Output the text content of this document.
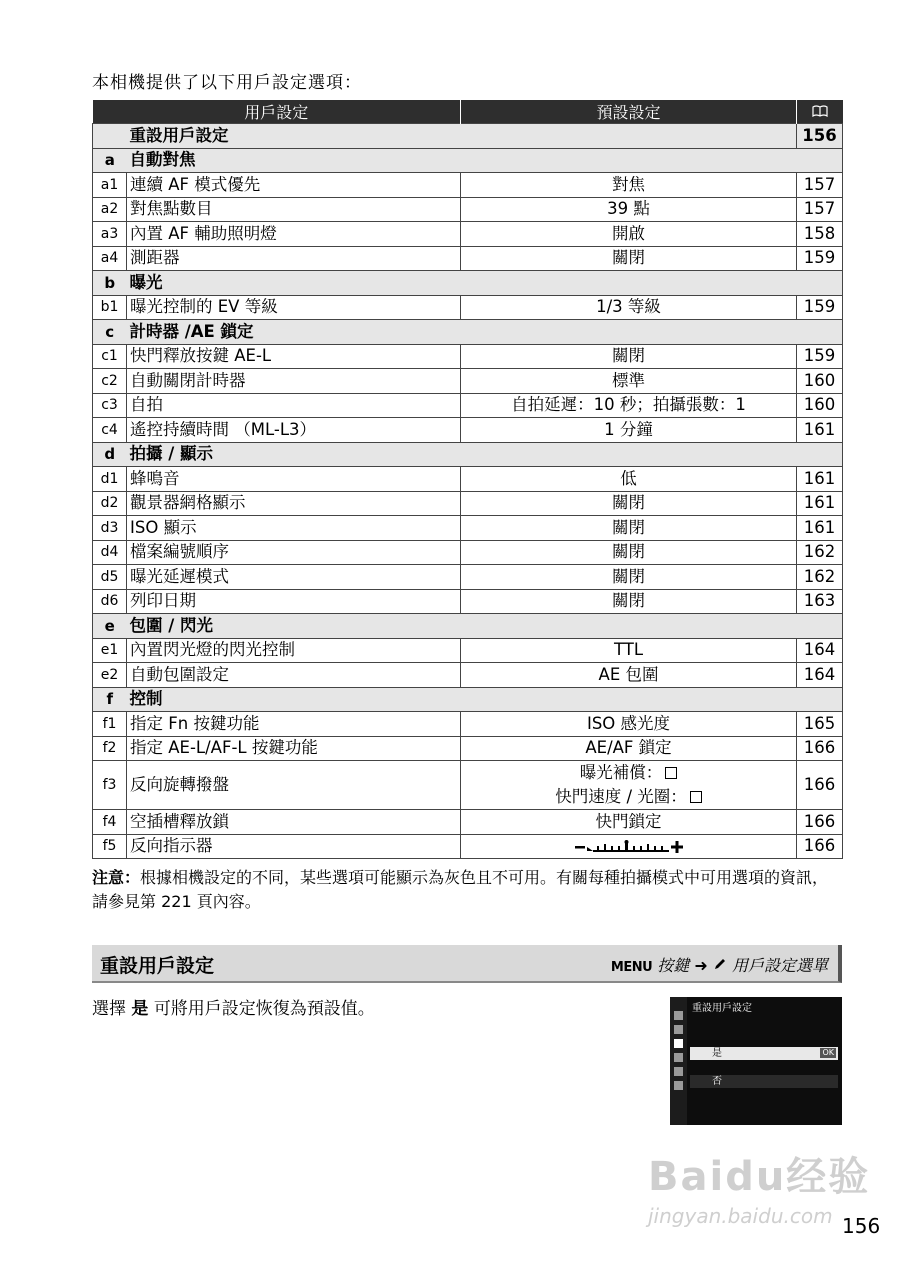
本相機提供了以下用戶設定選項：
用戶設定		預設設定	
	重設用戶設定		156
a	自動對焦		
a1	連續 AF 模式優先	對焦	157
a2	對焦點數目	39 點	157
a3	內置 AF 輔助照明燈	開啟	158
a4	測距器	關閉	159
b	曝光		
b1	曝光控制的 EV 等級	1/3 等級	159
c	計時器 /AE 鎖定		
c1	快門釋放按鍵 AE-L	關閉	159
c2	自動關閉計時器	標準	160
c3	自拍	自拍延遲：10 秒；拍攝張數：1	160
c4	遙控持續時間 （ML-L3）	1 分鐘	161
d	拍攝 / 顯示		
d1	蜂鳴音	低	161
d2	觀景器網格顯示	關閉	161
d3	ISO 顯示	關閉	161
d4	檔案編號順序	關閉	162
d5	曝光延遲模式	關閉	162
d6	列印日期	關閉	163
e	包圍 / 閃光		
e1	內置閃光燈的閃光控制	TTL	164
e2	自動包圍設定	AE 包圍	164
f	控制		
f1	指定 Fn 按鍵功能	ISO 感光度	165
f2	指定 AE-L/AF-L 按鍵功能	AE/AF 鎖定	166
f3	反向旋轉撥盤	曝光補償：
快門速度 / 光圈：	166
f4	空插槽釋放鎖	快門鎖定	166
f5	反向指示器		166
注意：根據相機設定的不同，某些選項可能顯示為灰色且不可用。有關每種拍攝模式中可用選項的資訊，請參見第 221 頁內容。
重設用戶設定	MENU 按鍵 ➜ 用戶設定選單
選擇 是 可將用戶設定恢復為預設值。	重設用戶設定
是	OK
否
Baidu经验
jingyan.baidu.com 156
